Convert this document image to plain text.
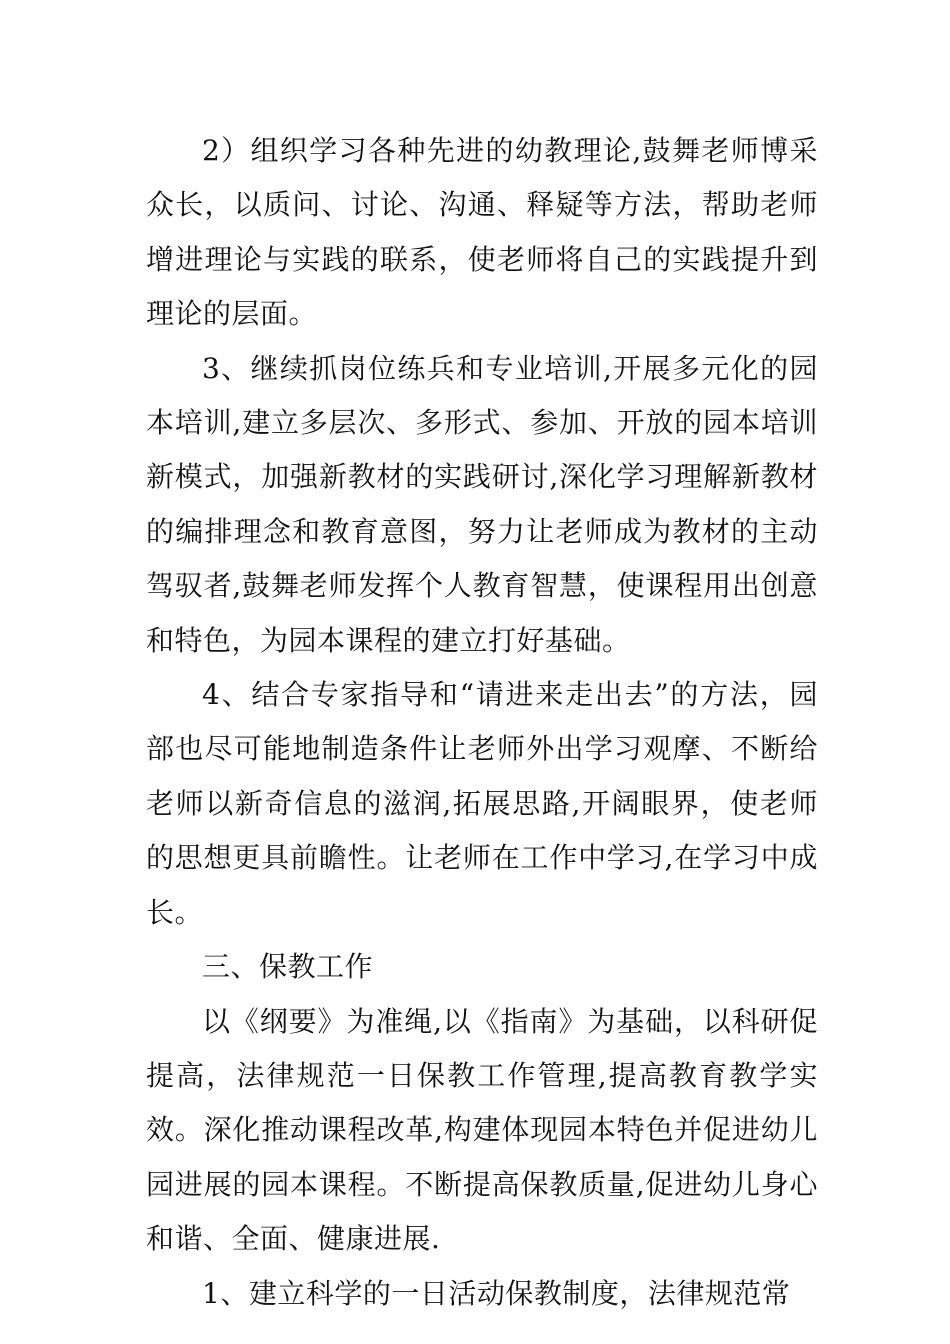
2）组织学习各种先进的幼教理论,鼓舞老师博采众长，以质问、讨论、沟通、释疑等方法，帮助老师增进理论与实践的联系，使老师将自己的实践提升到理论的层面。

3、继续抓岗位练兵和专业培训,开展多元化的园本培训,建立多层次、多形式、参加、开放的园本培训新模式，加强新教材的实践研讨,深化学习理解新教材的编排理念和教育意图，努力让老师成为教材的主动驾驭者,鼓舞老师发挥个人教育智慧，使课程用出创意和特色，为园本课程的建立打好基础。

4、结合专家指导和“请进来走出去”的方法，园部也尽可能地制造条件让老师外出学习观摩、不断给老师以新奇信息的滋润,拓展思路,开阔眼界，使老师的思想更具前瞻性。让老师在工作中学习,在学习中成长。

三、保教工作

以《纲要》为准绳,以《指南》为基础，以科研促提高，法律规范一日保教工作管理,提高教育教学实效。深化推动课程改革,构建体现园本特色并促进幼儿园进展的园本课程。不断提高保教质量,促进幼儿身心和谐、全面、健康进展.

1、建立科学的一日活动保教制度，法律规范常
